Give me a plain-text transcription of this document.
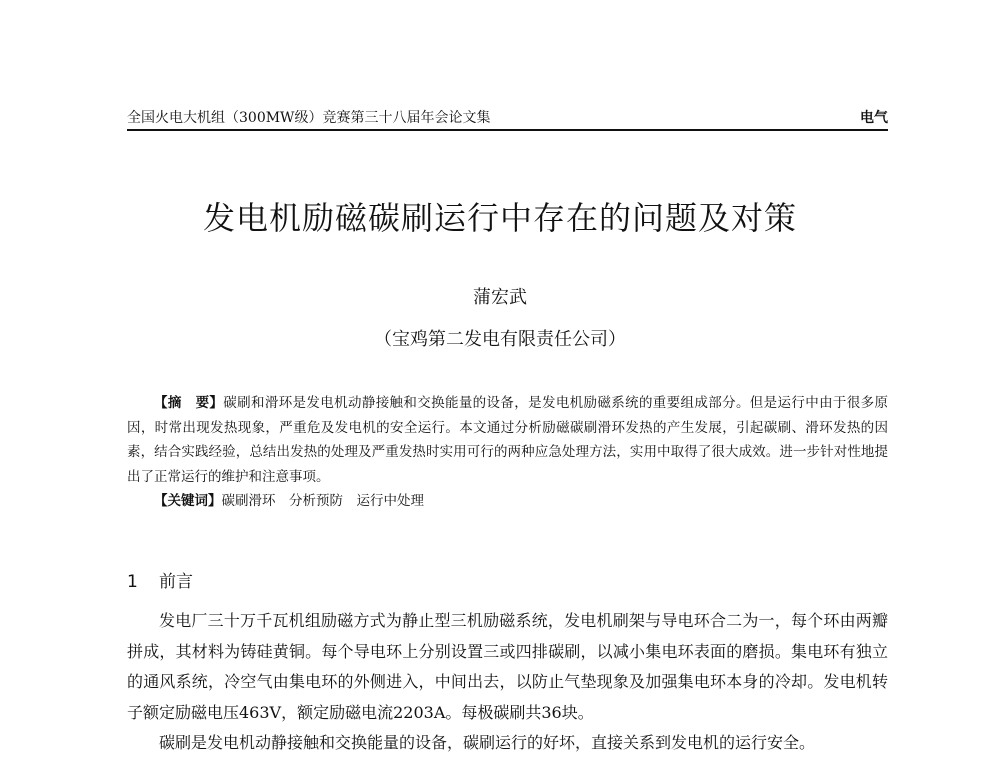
全国火电大机组（300MW级）竞赛第三十八届年会论文集	电气
发电机励磁碳刷运行中存在的问题及对策
蒲宏武
（宝鸡第二发电有限责任公司）

【摘　要】碳刷和滑环是发电机动静接触和交换能量的设备，是发电机励磁系统的重要组成部分。但是运行中由于很多原因，时常出现发热现象，严重危及发电机的安全运行。本文通过分析励磁碳刷滑环发热的产生发展，引起碳刷、滑环发热的因素，结合实践经验，总结出发热的处理及严重发热时实用可行的两种应急处理方法，实用中取得了很大成效。进一步针对性地提出了正常运行的维护和注意事项。

【关键词】碳刷滑环　分析预防　运行中处理

1 前言

发电厂三十万千瓦机组励磁方式为静止型三机励磁系统，发电机刷架与导电环合二为一，每个环由两瓣拼成，其材料为铸硅黄铜。每个导电环上分别设置三或四排碳刷，以减小集电环表面的磨损。集电环有独立的通风系统，冷空气由集电环的外侧进入，中间出去，以防止气垫现象及加强集电环本身的冷却。发电机转子额定励磁电压463V，额定励磁电流2203A。每极碳刷共36块。

碳刷是发电机动静接触和交换能量的设备，碳刷运行的好坏，直接关系到发电机的运行安全。
